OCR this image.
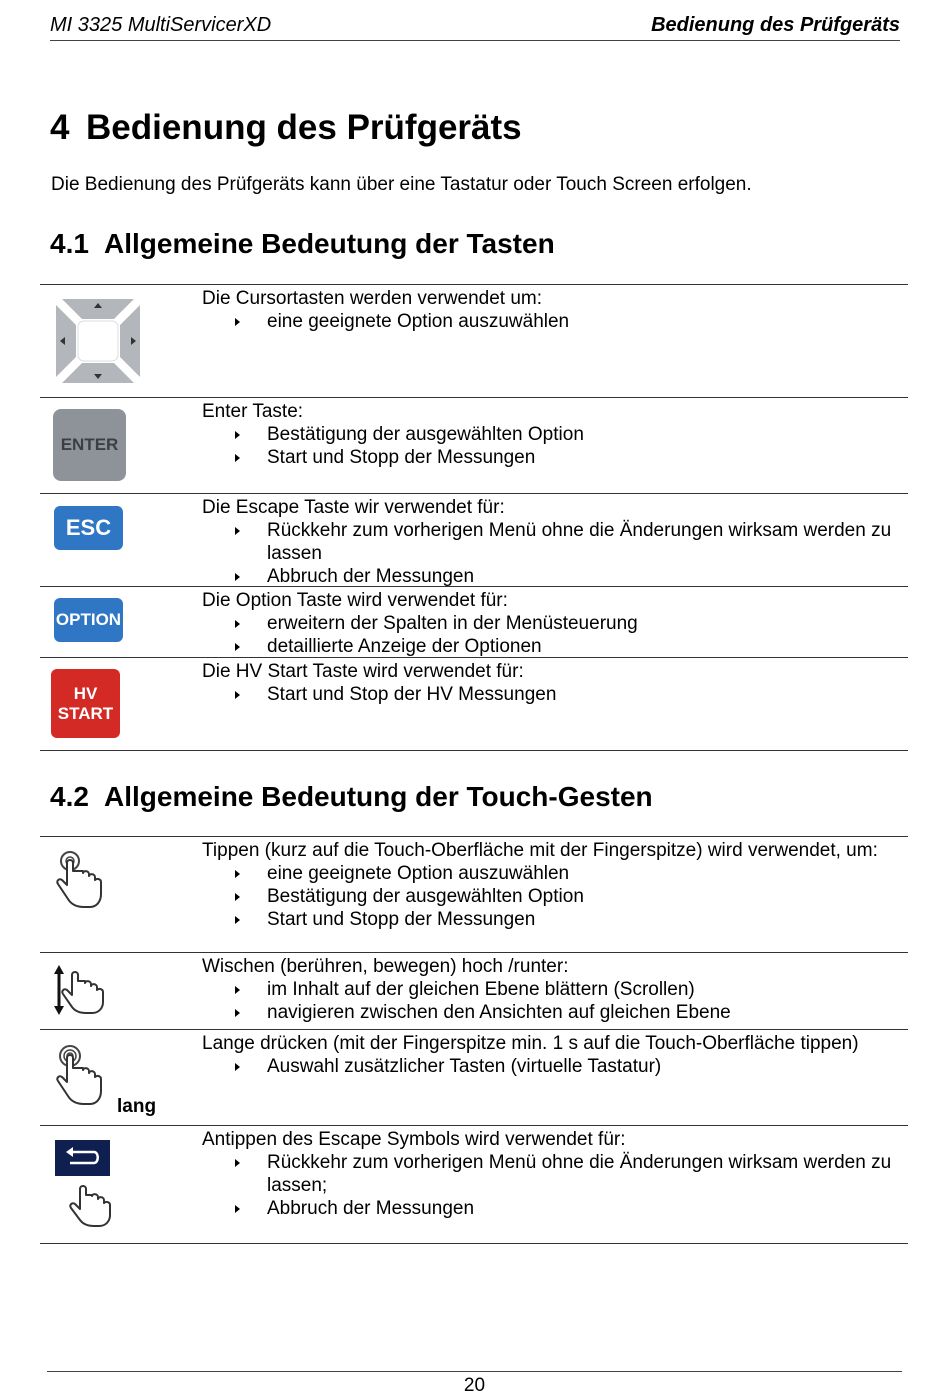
MI 3325 MultiServicerXD	Bedienung des Prüfgeräts
4 Bedienung des Prüfgeräts

Die Bedienung des Prüfgeräts kann über eine Tastatur oder Touch Screen erfolgen.

4.1 Allgemeine Bedeutung der Tasten

Die Cursortasten werden verwendet um:

eine geeignete Option auszuwählen
ENTER

Enter Taste:

Bestätigung der ausgewählten Option
Start und Stopp der Messungen
ESC

Die Escape Taste wir verwendet für:

Rückkehr zum vorherigen Menü ohne die Änderungen wirksam werden zu lassen
Abbruch der Messungen
OPTION

Die Option Taste wird verwendet für:

erweitern der Spalten in der Menüsteuerung
detaillierte Anzeige der Optionen
HV
START

Die HV Start Taste wird verwendet für:

Start und Stop der HV Messungen
4.2 Allgemeine Bedeutung der Touch-Gesten

Tippen (kurz auf die Touch-Oberfläche mit der Fingerspitze) wird verwendet, um:

eine geeignete Option auszuwählen
Bestätigung der ausgewählten Option
Start und Stopp der Messungen

Wischen (berühren, bewegen) hoch /runter:

im Inhalt auf der gleichen Ebene blättern (Scrollen)
navigieren zwischen den Ansichten auf gleichen Ebene
lang

Lange drücken (mit der Fingerspitze min. 1 s auf die Touch-Oberfläche tippen)

Auswahl zusätzlicher Tasten (virtuelle Tastatur)

Antippen des Escape Symbols wird verwendet für:

Rückkehr zum vorherigen Menü ohne die Änderungen wirksam werden zu lassen;
Abbruch der Messungen
20
